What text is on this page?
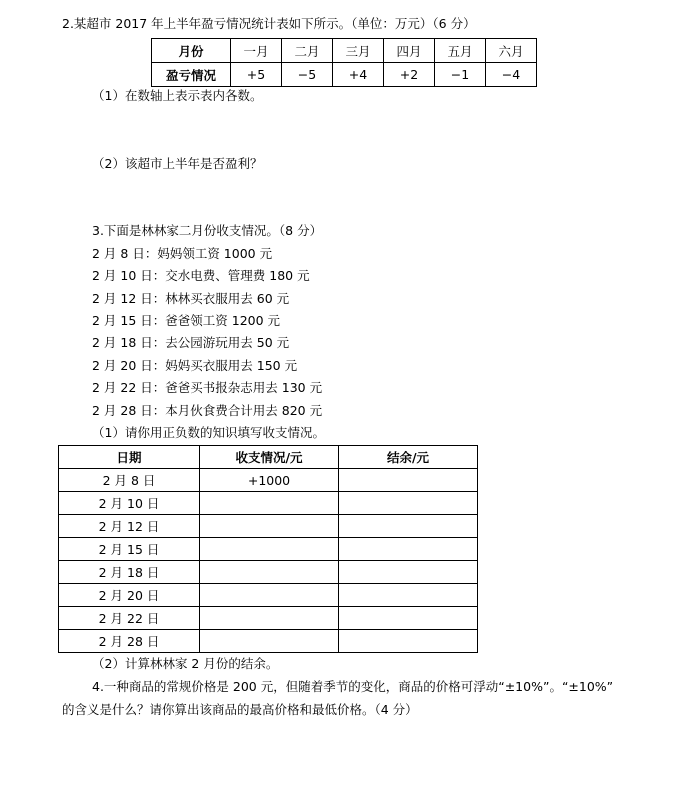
2.某超市 2017 年上半年盈亏情况统计表如下所示。（单位：万元）（6 分）
月份	一月	二月	三月	四月	五月	六月
盈亏情况	+5	−5	+4	+2	−1	−4
（1）在数轴上表示表内各数。
（2）该超市上半年是否盈利？
3.下面是林林家二月份收支情况。（8 分）
2 月 8 日：妈妈领工资 1000 元
2 月 10 日：交水电费、管理费 180 元
2 月 12 日：林林买衣服用去 60 元
2 月 15 日：爸爸领工资 1200 元
2 月 18 日：去公园游玩用去 50 元
2 月 20 日：妈妈买衣服用去 150 元
2 月 22 日：爸爸买书报杂志用去 130 元
2 月 28 日：本月伙食费合计用去 820 元
（1）请你用正负数的知识填写收支情况。
日期	收支情况/元	结余/元
2 月 8 日	+1000	
2 月 10 日		
2 月 12 日		
2 月 15 日		
2 月 18 日		
2 月 20 日		
2 月 22 日		
2 月 28 日		
（2）计算林林家 2 月份的结余。
4.一种商品的常规价格是 200 元，但随着季节的变化，商品的价格可浮动“±10%”。“±10%”
的含义是什么？请你算出该商品的最高价格和最低价格。（4 分）
